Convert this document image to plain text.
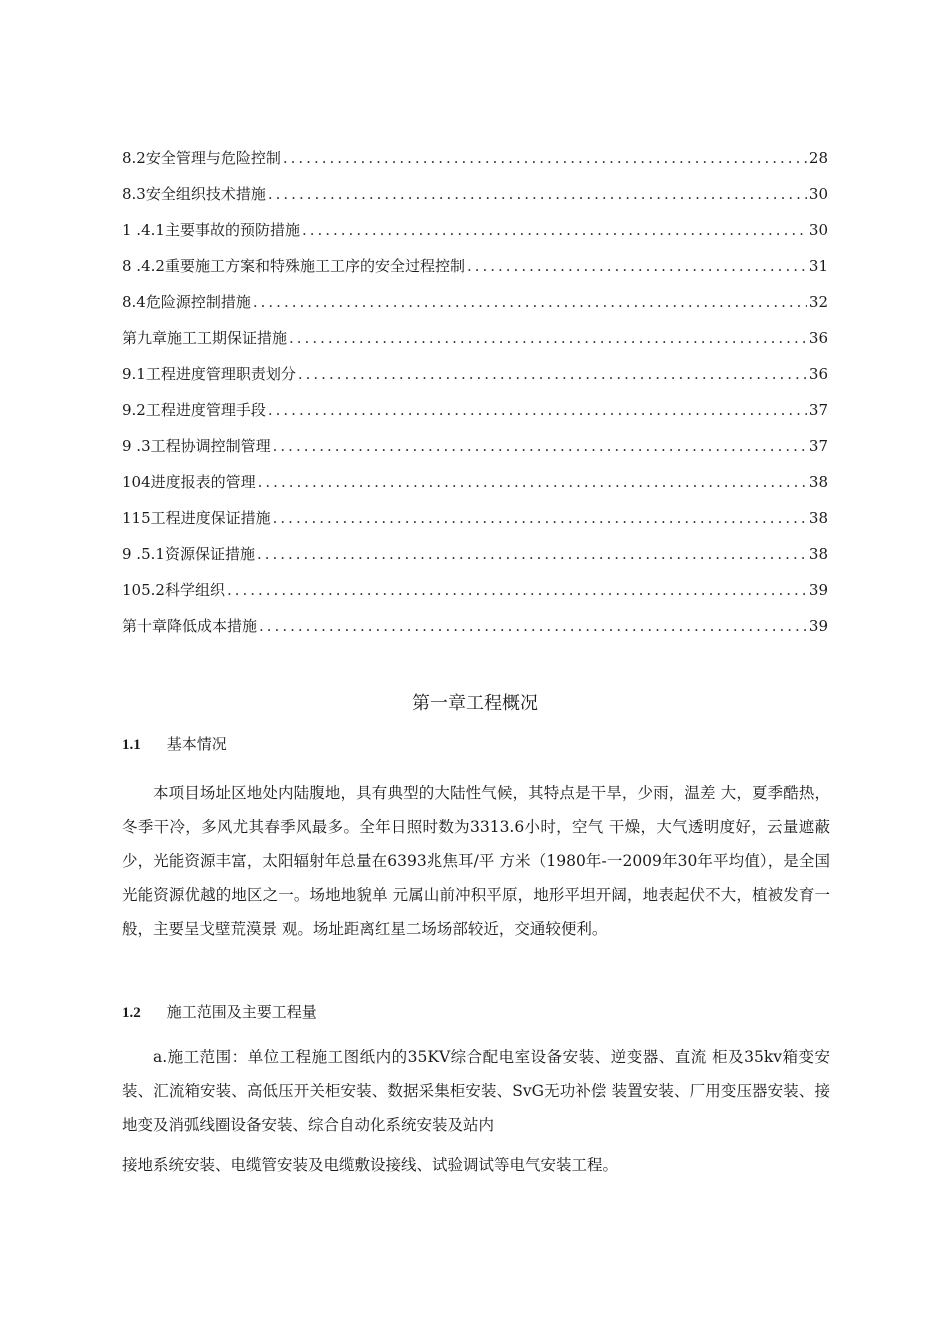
8.2 安全管理与危险控制 .....	28
8.3 安全组织技术措施 .....	30
1 . 4.1主要事故的预防措施 .....	30
8 . 4.2重要施工方案和特殊施工工序的安全过程控制 .....	31
8.4 危险源控制措施 .....	32
第九章施工工期保证措施 .....	36
9.1 工程进度管理职责划分 .....	36
9.2 工程进度管理手段 .....	37
9 . 3工程协调控制管理 .....	37
10 4进度报表的管理 .....	38
11 5工程进度保证措施 .....	38
9 . 5.1资源保证措施 .....	38
10 5.2科学组织 .....	39
第十章降低成本措施 .....	39
第一章工程概况
1.1 基本情况
本项目场址区地处内陆腹地，具有典型的大陆性气候，其特点是干旱，少雨，温差 大，夏季酷热，冬季干冷，多风尤其春季风最多。全年日照时数为3313.6小时，空气 干燥，大气透明度好，云量遮蔽少，光能资源丰富，太阳辐射年总量在6393兆焦耳/平 方米（1980年-一2009年30年平均值），是全国光能资源优越的地区之一。场地地貌单 元属山前冲积平原，地形平坦开阔，地表起伏不大，植被发育一般，主要呈戈壁荒漠景 观。场址距离红星二场场部较近，交通较便利。
1.2 施工范围及主要工程量
a.施工范围：单位工程施工图纸内的35KV综合配电室设备安装、逆变器、直流 柜及35kv箱变安装、汇流箱安装、高低压开关柜安装、数据采集柜安装、SvG无功补偿 装置安装、厂用变压器安装、接地变及消弧线圈设备安装、综合自动化系统安装及站内
接地系统安装、电缆管安装及电缆敷设接线、试验调试等电气安装工程。
